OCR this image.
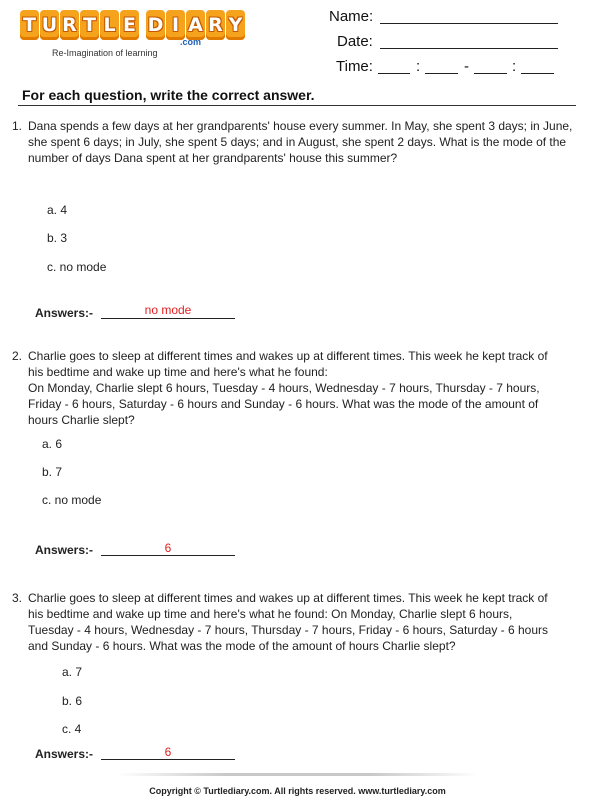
T U R T L E D I A R Y
.com
Re-Imagination of learning
Name:
Date:
Time:	:	-	:
For each question, write the correct answer.
1. Dana spends a few days at her grandparents' house every summer. In May, she spent 3 days; in June,
she spent 6 days; in July, she spent 5 days; and in August, she spent 2 days. What is the mode of the
number of days Dana spent at her grandparents' house this summer?
a. 4
b. 3
c. no mode
Answers:-	no mode
2. Charlie goes to sleep at different times and wakes up at different times. This week he kept track of
his bedtime and wake up time and here's what he found:
On Monday, Charlie slept 6 hours, Tuesday - 4 hours, Wednesday - 7 hours, Thursday - 7 hours,
Friday - 6 hours, Saturday - 6 hours and Sunday - 6 hours. What was the mode of the amount of
hours Charlie slept?
a. 6
b. 7
c. no mode
Answers:-	6
3. Charlie goes to sleep at different times and wakes up at different times. This week he kept track of
his bedtime and wake up time and here's what he found: On Monday, Charlie slept 6 hours,
Tuesday - 4 hours, Wednesday - 7 hours, Thursday - 7 hours, Friday - 6 hours, Saturday - 6 hours
and Sunday - 6 hours. What was the mode of the amount of hours Charlie slept?
a. 7
b. 6
c. 4
Answers:-	6
Copyright © Turtlediary.com. All rights reserved. www.turtlediary.com
